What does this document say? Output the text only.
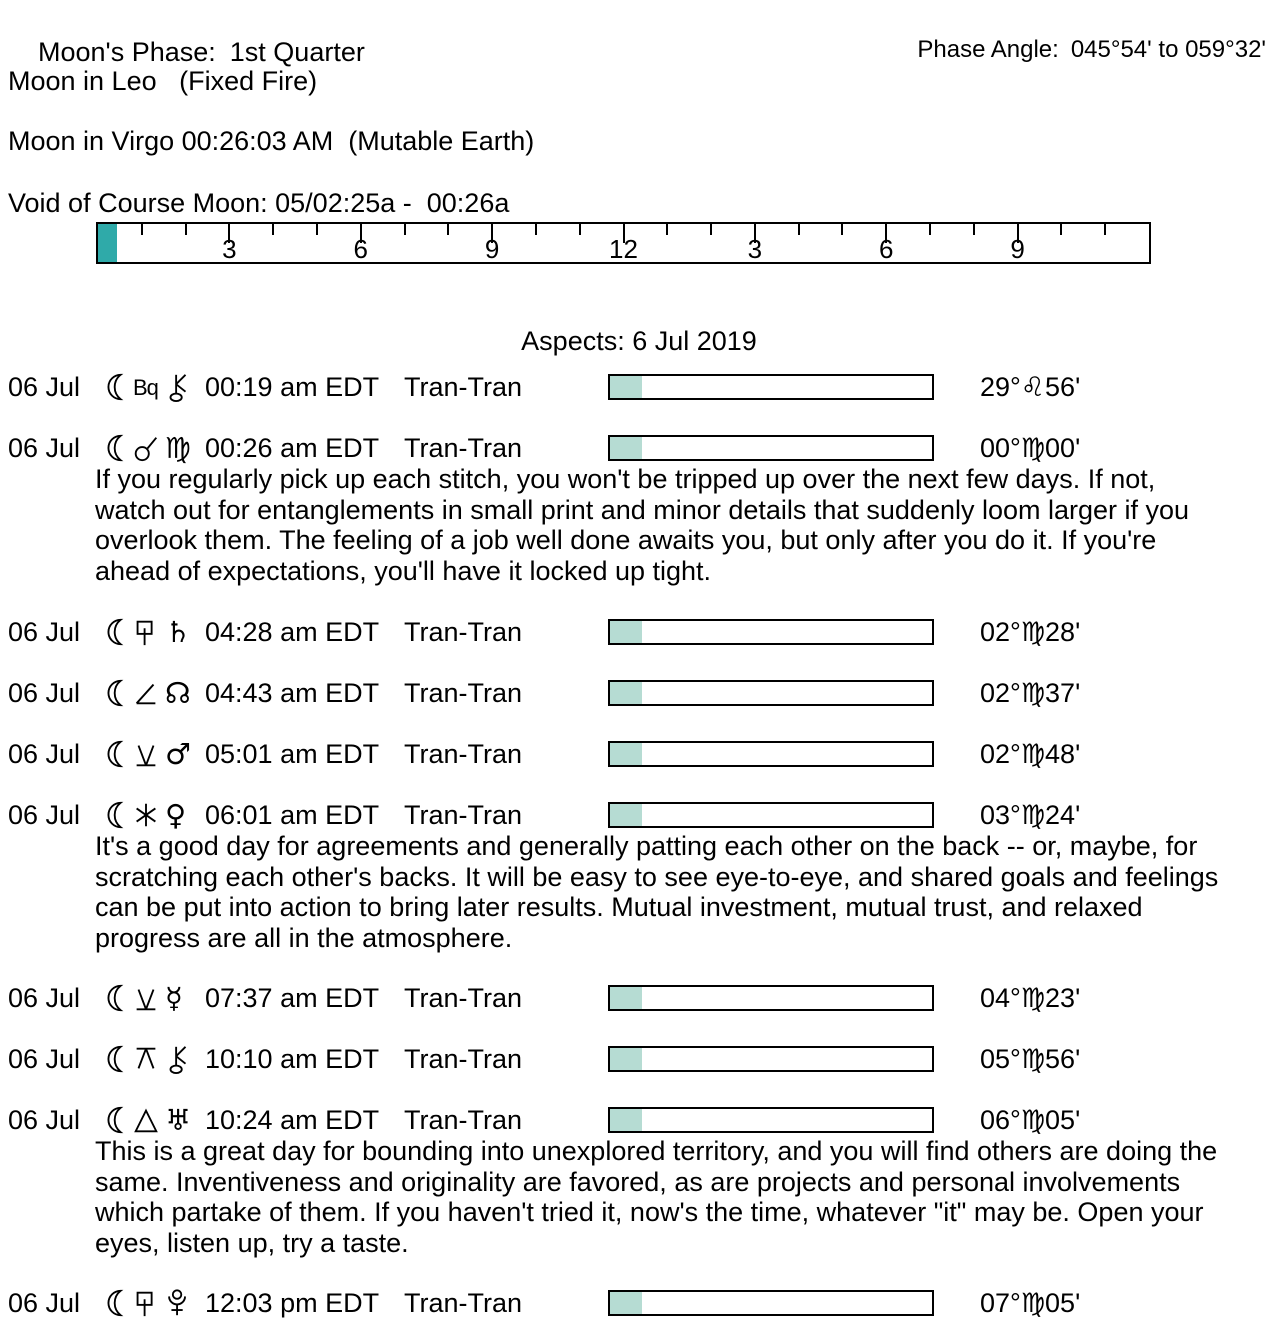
Moon's Phase: 1st Quarter
	Phase Angle: 045°54' to 059°32'

Moon in Leo   (Fixed Fire)
Moon in Virgo 00:26:03 AM  (Mutable Earth)
Void of Course Moon: 05/02:25a -  00:26a
3	6	9	12	3	6	9
Aspects: 6 Jul 2019
06 Jul Bq 00:19 am EDT Tran-Tran	29°♌56'
06 Jul	♍ 00:26 am EDT Tran-Tran	00°♍00'
If you regularly pick up each stitch, you won't be tripped up over the next few days. If not, watch out for entanglements in small print and minor details that suddenly loom larger if you overlook them. The feeling of a job well done awaits you, but only after you do it. If you're ahead of expectations, you'll have it locked up tight.
06 Jul	♄ 04:28 am EDT Tran-Tran	02°♍28'
06 Jul	☊ 04:43 am EDT Tran-Tran	02°♍37'
06 Jul	♂ 05:01 am EDT Tran-Tran	02°♍48'
06 Jul	♀ 06:01 am EDT Tran-Tran	03°♍24'
It's a good day for agreements and generally patting each other on the back -- or, maybe, for scratching each other's backs. It will be easy to see eye-to-eye, and shared goals and feelings can be put into action to bring later results. Mutual investment, mutual trust, and relaxed progress are all in the atmosphere.
06 Jul	☿ 07:37 am EDT Tran-Tran	04°♍23'
06 Jul	10:10 am EDT Tran-Tran	05°♍56'
06 Jul	♅ 10:24 am EDT Tran-Tran	06°♍05'
This is a great day for bounding into unexplored territory, and you will find others are doing the same. Inventiveness and originality are favored, as are projects and personal involvements which partake of them. If you haven't tried it, now's the time, whatever "it" may be. Open your eyes, listen up, try a taste.
06 Jul	12:03 pm EDT Tran-Tran	07°♍05'
